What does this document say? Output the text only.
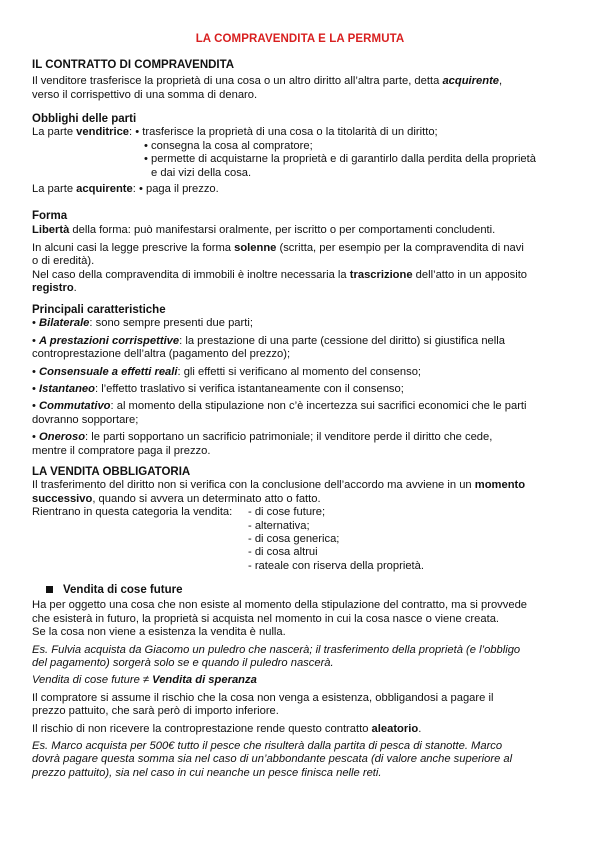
LA COMPRAVENDITA E LA PERMUTA

IL CONTRATTO DI COMPRAVENDITA

Il venditore trasferisce la proprietà di una cosa o un altro diritto all’altra parte, detta acquirente,

verso il corrispettivo di una somma di denaro.

Obblighi delle parti

La parte venditrice: • trasferisce la proprietà di una cosa o la titolarità di un diritto;

• consegna la cosa al compratore;

• permette di acquistarne la proprietà e di garantirlo dalla perdita della proprietà

e dai vizi della cosa.

La parte acquirente: • paga il prezzo.

Forma

Libertà della forma: può manifestarsi oralmente, per iscritto o per comportamenti concludenti.

In alcuni casi la legge prescrive la forma solenne (scritta, per esempio per la compravendita di navi

o di eredità).

Nel caso della compravendita di immobili è inoltre necessaria la trascrizione dell’atto in un apposito

registro.

Principali caratteristiche

• Bilaterale: sono sempre presenti due parti;

• A prestazioni corrispettive: la prestazione di una parte (cessione del diritto) si giustifica nella

controprestazione dell’altra (pagamento del prezzo);

• Consensuale a effetti reali: gli effetti si verificano al momento del consenso;

• Istantaneo: l’effetto traslativo si verifica istantaneamente con il consenso;

• Commutativo: al momento della stipulazione non c’è incertezza sui sacrifici economici che le parti

dovranno sopportare;

• Oneroso: le parti sopportano un sacrificio patrimoniale; il venditore perde il diritto che cede,

mentre il compratore paga il prezzo.

LA VENDITA OBBLIGATORIA

Il trasferimento del diritto non si verifica con la conclusione dell’accordo ma avviene in un momento

successivo, quando si avvera un determinato atto o fatto.

Rientrano in questa categoria la vendita:	- di cose future;

- alternativa;

- di cosa generica;

- di cosa altrui

- rateale con riserva della proprietà.

Vendita di cose future

Ha per oggetto una cosa che non esiste al momento della stipulazione del contratto, ma si provvede

che esisterà in futuro, la proprietà si acquista nel momento in cui la cosa nasce o viene creata.

Se la cosa non viene a esistenza la vendita è nulla.

Es. Fulvia acquista da Giacomo un puledro che nascerà; il trasferimento della proprietà (e l’obbligo

del pagamento) sorgerà solo se e quando il puledro nascerà.

Vendita di cose future ≠ Vendita di speranza

Il compratore si assume il rischio che la cosa non venga a esistenza, obbligandosi a pagare il

prezzo pattuito, che sarà però di importo inferiore.

Il rischio di non ricevere la controprestazione rende questo contratto aleatorio.

Es. Marco acquista per 500€ tutto il pesce che risulterà dalla partita di pesca di stanotte. Marco

dovrà pagare questa somma sia nel caso di un’abbondante pescata (di valore anche superiore al

prezzo pattuito), sia nel caso in cui neanche un pesce finisca nelle reti.
